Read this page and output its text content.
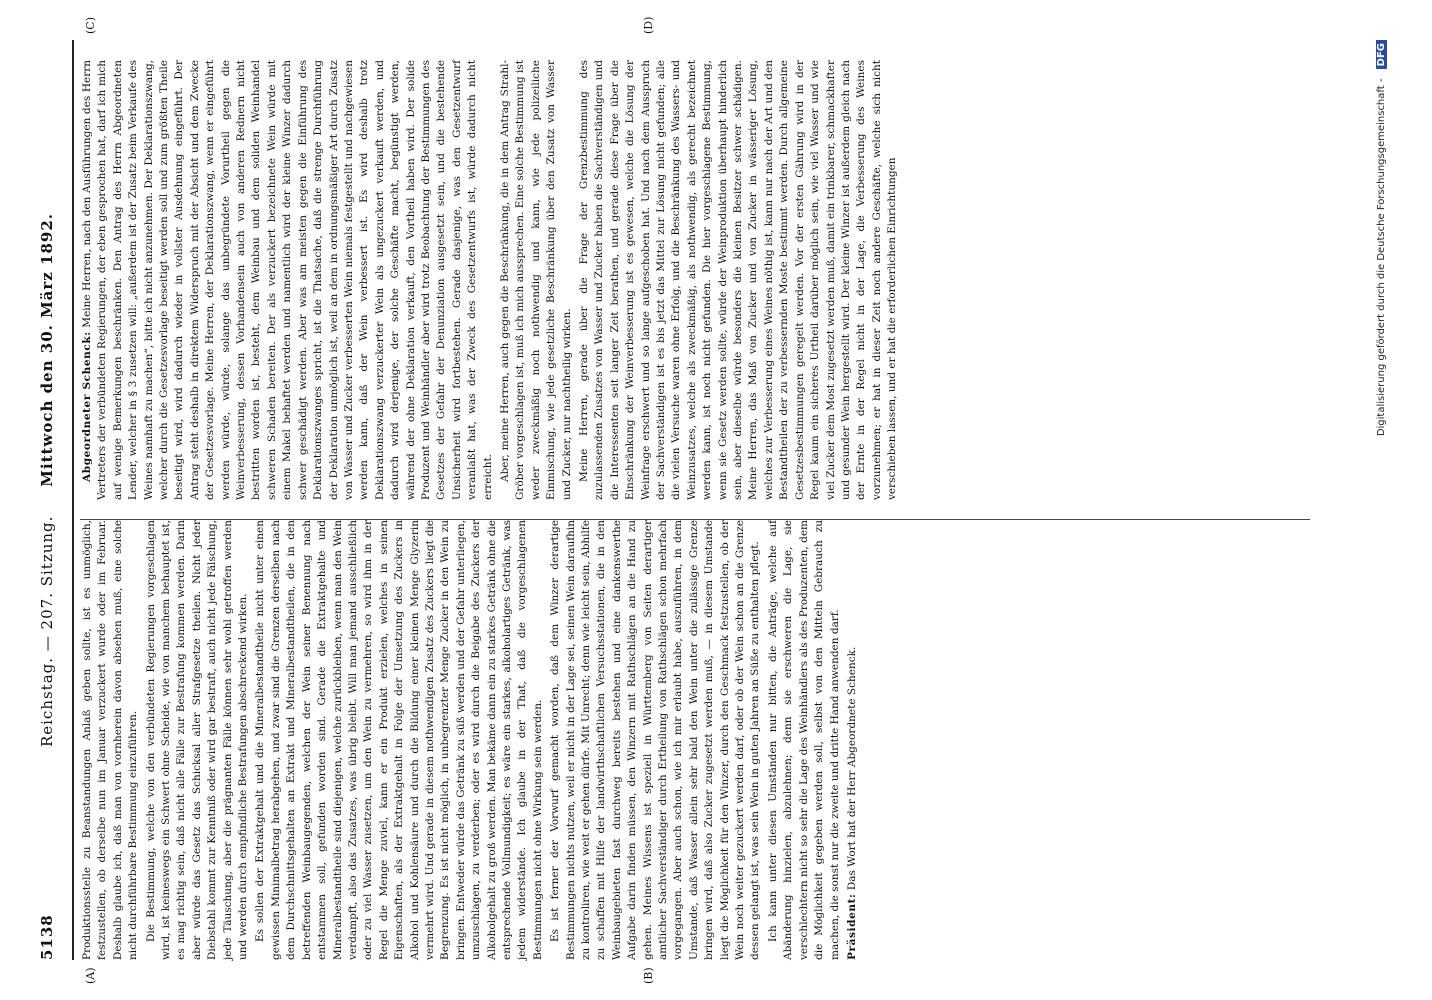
5138
Reichstag. — 207. Sitzung.     Mittwoch den 30. März 1892.
(A)	(B)
(C)	(D)

Produktionsstelle zu Beanstandungen Anlaß geben sollte, ist es unmöglich, festzustellen, ob derselbe nun im Januar verzuckert wurde oder im Februar. Deshalb glaube ich, daß man von vornherein davon absehen muß, eine solche nicht durchführbare Bestimmung einzuführen. Die Bestimmung, welche von den verbündeten Regierungen vorgeschlagen wird, ist keineswegs ein Schwert ohne Scheide, wie von manchem behauptet ist, es mag richtig sein, daß nicht alle Fälle zur Bestrafung kommen werden. Darin aber würde das Gesetz das Schicksal aller Strafgesetze theilen. Nicht jeder Diebstahl kommt zur Kenntniß oder wird gar bestraft, auch nicht jede Fälschung, jede Täuschung, aber die prägnanten Fälle können sehr wohl getroffen werden und werden durch empfindliche Bestrafungen abschreckend wirken. Es sollen der Extraktgehalt und die Mineralbestandtheile nicht unter einen gewissen Minimalbetrag herabgehen, und zwar sind die Grenzen derselben nach dem Durchschnittsgehalten an Extrakt und Mineralbestandtheilen, die in den betreffenden Weinbaugegenden, welchen der Wein seiner Benennung nach entstammen soll, gefunden worden sind. Gerade die Extraktgehalte und Mineralbestandtheile sind diejenigen, welche zurückbleiben, wenn man den Wein verdampft, also das Zusatzes, was übrig bleibt. Will man jemand ausschließlich oder zu viel Wasser zusetzen, um den Wein zu vermehren, so wird ihm in der Regel die Menge zuviel, kann er ein Produkt erzielen, welches in seinen Eigenschaften, als der Extraktgehalt in Folge der Umsetzung des Zuckers in Alkohol und Kohlensäure und durch die Bildung einer kleinen Menge Glyzerin vermehrt wird. Und gerade in diesem nothwendigen Zusatz des Zuckers liegt die Begrenzung. Es ist nicht möglich, in unbegrenzter Menge Zucker in den Wein zu bringen. Entweder würde das Getränk zu süß werden und der Gefahr unterliegen, umzuschlagen, zu verderben; oder es wird durch die Beigabe des Zuckers der Alkoholgehalt zu groß werden. Man bekäme dann ein zu starkes Getränk ohne die entsprechende Vollmundigkeit; es wäre ein starkes, alkoholartiges Getränk, was jedem widerstände. Ich glaube in der That, daß die vorgeschlagenen Bestimmungen nicht ohne Wirkung sein werden. Es ist ferner der Vorwurf gemacht worden, daß dem Winzer derartige Bestimmungen nichts nutzen, weil er nicht in der Lage sei, seinen Wein daraufhin zu kontroliren, wie weit er gehen dürfe. Mit Unrecht; denn wie leicht sein, Abhilfe zu schaffen mit Hilfe der landwirthschaftlichen Versuchsstationen, die in den Weinbaugebieten fast durchweg bereits bestehen und eine dankenswerthe Aufgabe darin finden müssen, den Winzern mit Rathschlägen an die Hand zu gehen. Meines Wissens ist speziell in Württemberg von Seiten derartiger amtlicher Sachverständiger durch Ertheilung von Rathschlägen schon mehrfach vorgegangen. Aber auch schon, wie ich mir erlaubt habe, auszuführen, in dem Umstande, daß Wasser allein sehr bald den Wein unter die zulässige Grenze bringen wird, daß also Zucker zugesetzt werden muß, — in diesem Umstande liegt die Möglichkeit für den Winzer, durch den Geschmack festzustellen, ob der Wein noch weiter gezuckert werden darf, oder ob der Wein schon an die Grenze dessen gelangt ist, was sein Wein in guten Jahren an Süße zu enthalten pflegt. Ich kann unter diesen Umständen nur bitten, die Anträge, welche auf Abänderung hinzielen, abzulehnen; denn sie erschweren die Lage, sie verschlechtern nicht so sehr die Lage des Weinhändlers als des Produzenten, dem die Möglichkeit gegeben werden soll, selbst von den Mitteln Gebrauch zu machen, die sonst nur die zweite und dritte Hand anwenden darf. Präsident: Das Wort hat der Herr Abgeordnete Schenck.

Abgeordneter Schenck: Meine Herren, nach den Ausführungen des Herrn Vertreters der verbündeten Regierungen, der eben gesprochen hat, darf ich mich auf wenige Bemerkungen beschränken. Den Antrag des Herrn Abgeordneten Lender, welcher in § 3 zusetzen will: „außerdem ist der Zusatz beim Verkaufe des Weines namhaft zu machen“, bitte ich nicht anzunehmen. Der Deklarationszwang, welcher durch die Gesetzesvorlage beseitigt werden soll und zum größten Theile beseitigt wird, wird dadurch wieder in vollster Ausdehnung eingeführt. Der Antrag steht deshalb in direktem Widerspruch mit der Absicht und dem Zwecke der Gesetzesvorlage. Meine Herren, der Deklarationszwang, wenn er eingeführt werden würde, würde, solange das unbegründete Vorurtheil gegen die Weinverbesserung, dessen Vorhandensein auch von anderen Rednern nicht bestritten worden ist, besteht, dem Weinbau und dem soliden Weinhandel schweren Schaden bereiten. Der als verzuckert bezeichnete Wein würde mit einem Makel behaftet werden und namentlich wird der kleine Winzer dadurch schwer geschädigt werden. Aber was am meisten gegen die Einführung des Deklarationszwanges spricht, ist die Thatsache, daß die strenge Durchführung der Deklaration unmöglich ist, weil an dem in ordnungsmäßiger Art durch Zusatz von Wasser und Zucker verbesserten Wein niemals festgestellt und nachgewiesen werden kann, daß der Wein verbessert ist. Es wird deshalb trotz Deklarationszwang verzuckerter Wein als ungezuckert verkauft werden, und dadurch wird derjenige, der solche Geschäfte macht, begünstigt werden, während der ohne Deklaration verkauft, den Vortheil haben wird. Der solide Produzent und Weinhändler aber wird trotz Beobachtung der Bestimmungen des Gesetzes der Gefahr der Denunziation ausgesetzt sein, und die bestehende Unsicherheit wird fortbestehen. Gerade dasjenige, was den Gesetzentwurf veranlaßt hat, was der Zweck des Gesetzentwurfs ist, würde dadurch nicht erreicht. Aber, meine Herren, auch gegen die Beschränkung, die in dem Antrag Strahl-Gröber vorgeschlagen ist, muß ich mich aussprechen. Eine solche Bestimmung ist weder zweckmäßig noch nothwendig und kann, wie jede polizeiliche Einmischung, wie jede gesetzliche Beschränkung über den Zusatz von Wasser und Zucker, nur nachtheilig wirken. Meine Herren, gerade über die Frage der Grenzbestimmung des zuzulassenden Zusatzes von Wasser und Zucker haben die Sachverständigen und die Interessenten seit langer Zeit berathen, und gerade diese Frage über die Einschränkung der Weinverbesserung ist es gewesen, welche die Lösung der Weinfrage erschwert und so lange aufgeschoben hat. Und nach dem Ausspruch der Sachverständigen ist es bis jetzt das Mittel zur Lösung nicht gefunden; alle die vielen Versuche waren ohne Erfolg, und die Beschränkung des Wassers- und Weinzusatzes, welche als zweckmäßig, als nothwendig, als gerecht bezeichnet werden kann, ist noch nicht gefunden. Die hier vorgeschlagene Bestimmung, wenn sie Gesetz werden sollte, würde der Weinproduktion überhaupt hinderlich sein, aber dieselbe würde besonders die kleinen Besitzer schwer schädigen. Meine Herren, das Maß von Zucker und von Zucker in wässeriger Lösung, welches zur Verbesserung eines Weines nöthig ist, kann nur nach der Art und den Bestandtheilen der zu verbessernden Moste bestimmt werden. Durch allgemeine Gesetzesbestimmungen geregelt werden. Vor der ersten Gährung wird in der Regel kaum ein sicheres Urtheil darüber möglich sein, wie viel Wasser und wie viel Zucker dem Most zugesetzt werden muß, damit ein trinkbarer, schmackhafter und gesunder Wein hergestellt wird. Der kleine Winzer ist außerdem gleich nach der Ernte in der Regel nicht in der Lage, die Verbesserung des Weines vorzunehmen; er hat in dieser Zeit noch andere Geschäfte, welche sich nicht verschieben lassen, und er hat die erforderlichen Einrichtungen	Digitalisierung gefördert durch die Deutsche Forschungsgemeinschaft - DFG
